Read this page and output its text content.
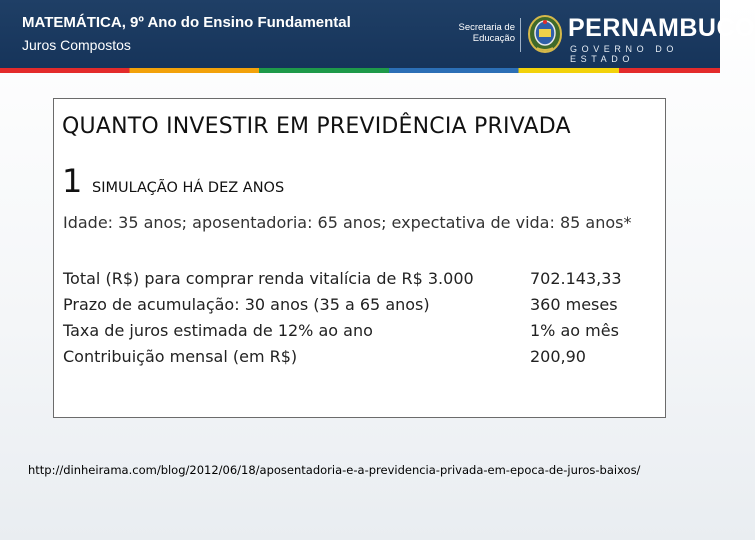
MATEMÁTICA, 9º Ano do Ensino Fundamental
Juros Compostos
Secretaria de
Educação PERNAMBUCO
GOVERNO DO ESTADO
QUANTO INVESTIR EM PREVIDÊNCIA PRIVADA
1 SIMULAÇÃO HÁ DEZ ANOS
Idade: 35 anos; aposentadoria: 65 anos; expectativa de vida: 85 anos*
Total (R$) para comprar renda vitalícia de R$ 3.000
Prazo de acumulação: 30 anos (35 a 65 anos)
Taxa de juros estimada de 12% ao ano
Contribuição mensal (em R$)
702.143,33
360 meses
1% ao mês
200,90
http://dinheirama.com/blog/2012/06/18/aposentadoria-e-a-previdencia-privada-em-epoca-de-juros-baixos/
